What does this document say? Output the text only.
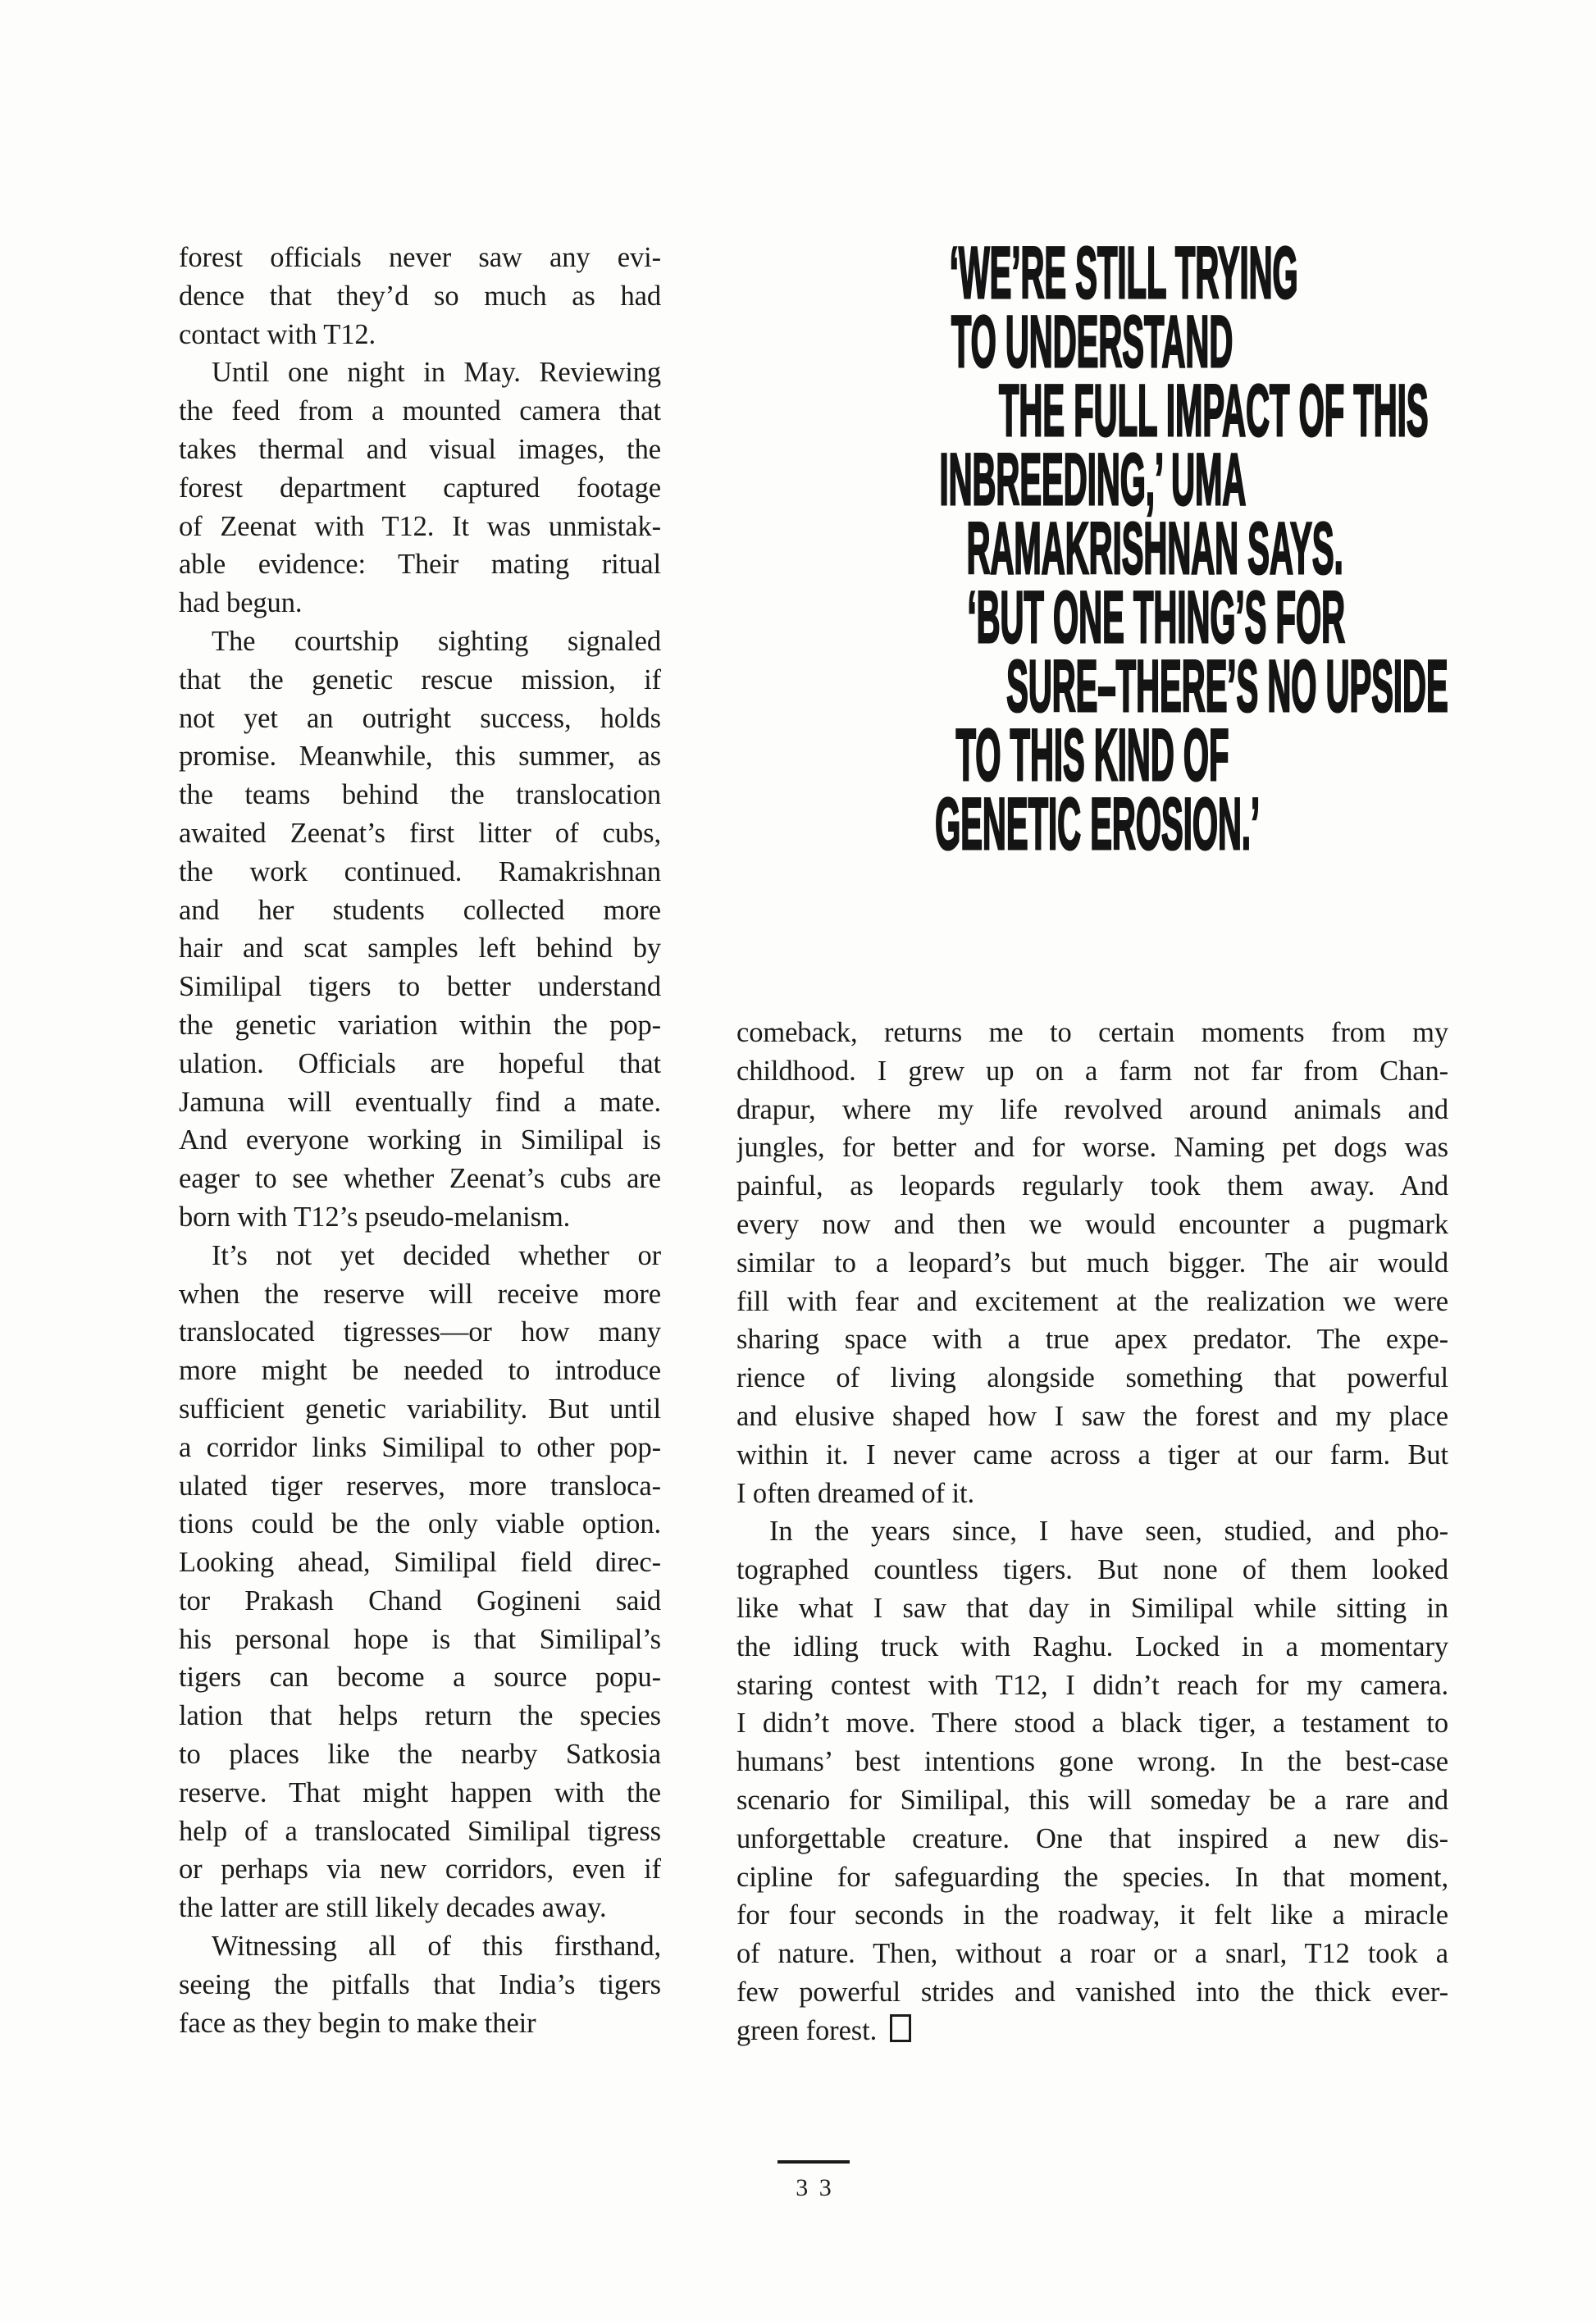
‘WE’RE STILL TRYING
TO UNDERSTAND
THE FULL IMPACT OF THIS
INBREEDING,’ UMA
RAMAKRISHNAN SAYS.
‘BUT ONE THING’S FOR
SURE–THERE’S NO UPSIDE
TO THIS KIND OF
GENETIC EROSION.’
forest officials never saw any evi-
dence that they’d so much as had
contact with T12.
Until one night in May. Reviewing
the feed from a mounted camera that
takes thermal and visual images, the
forest department captured footage
of Zeenat with T12. It was unmistak-
able evidence: Their mating ritual
had begun.
The courtship sighting signaled
that the genetic rescue mission, if
not yet an outright success, holds
promise. Meanwhile, this summer, as
the teams behind the translocation
awaited Zeenat’s first litter of cubs,
the work continued. Ramakrishnan
and her students collected more
hair and scat samples left behind by
Similipal tigers to better understand
the genetic variation within the pop-
ulation. Officials are hopeful that
Jamuna will eventually find a mate.
And everyone working in Similipal is
eager to see whether Zeenat’s cubs are
born with T12’s pseudo-melanism.
It’s not yet decided whether or
when the reserve will receive more
translocated tigresses—or how many
more might be needed to introduce
sufficient genetic variability. But until
a corridor links Similipal to other pop-
ulated tiger reserves, more transloca-
tions could be the only viable option.
Looking ahead, Similipal field direc-
tor Prakash Chand Gogineni said
his personal hope is that Similipal’s
tigers can become a source popu-
lation that helps return the species
to places like the nearby Satkosia
reserve. That might happen with the
help of a translocated Similipal tigress
or perhaps via new corridors, even if
the latter are still likely decades away.
Witnessing all of this firsthand,
seeing the pitfalls that India’s tigers
face as they begin to make their
comeback, returns me to certain moments from my
childhood. I grew up on a farm not far from Chan-
drapur, where my life revolved around animals and
jungles, for better and for worse. Naming pet dogs was
painful, as leopards regularly took them away. And
every now and then we would encounter a pugmark
similar to a leopard’s but much bigger. The air would
fill with fear and excitement at the realization we were
sharing space with a true apex predator. The expe-
rience of living alongside something that powerful
and elusive shaped how I saw the forest and my place
within it. I never came across a tiger at our farm. But
I often dreamed of it.
In the years since, I have seen, studied, and pho-
tographed countless tigers. But none of them looked
like what I saw that day in Similipal while sitting in
the idling truck with Raghu. Locked in a momentary
staring contest with T12, I didn’t reach for my camera.
I didn’t move. There stood a black tiger, a testament to
humans’ best intentions gone wrong. In the best-case
scenario for Similipal, this will someday be a rare and
unforgettable creature. One that inspired a new dis-
cipline for safeguarding the species. In that moment,
for four seconds in the roadway, it felt like a miracle
of nature. Then, without a roar or a snarl, T12 took a
few powerful strides and vanished into the thick ever-
green forest.
33
